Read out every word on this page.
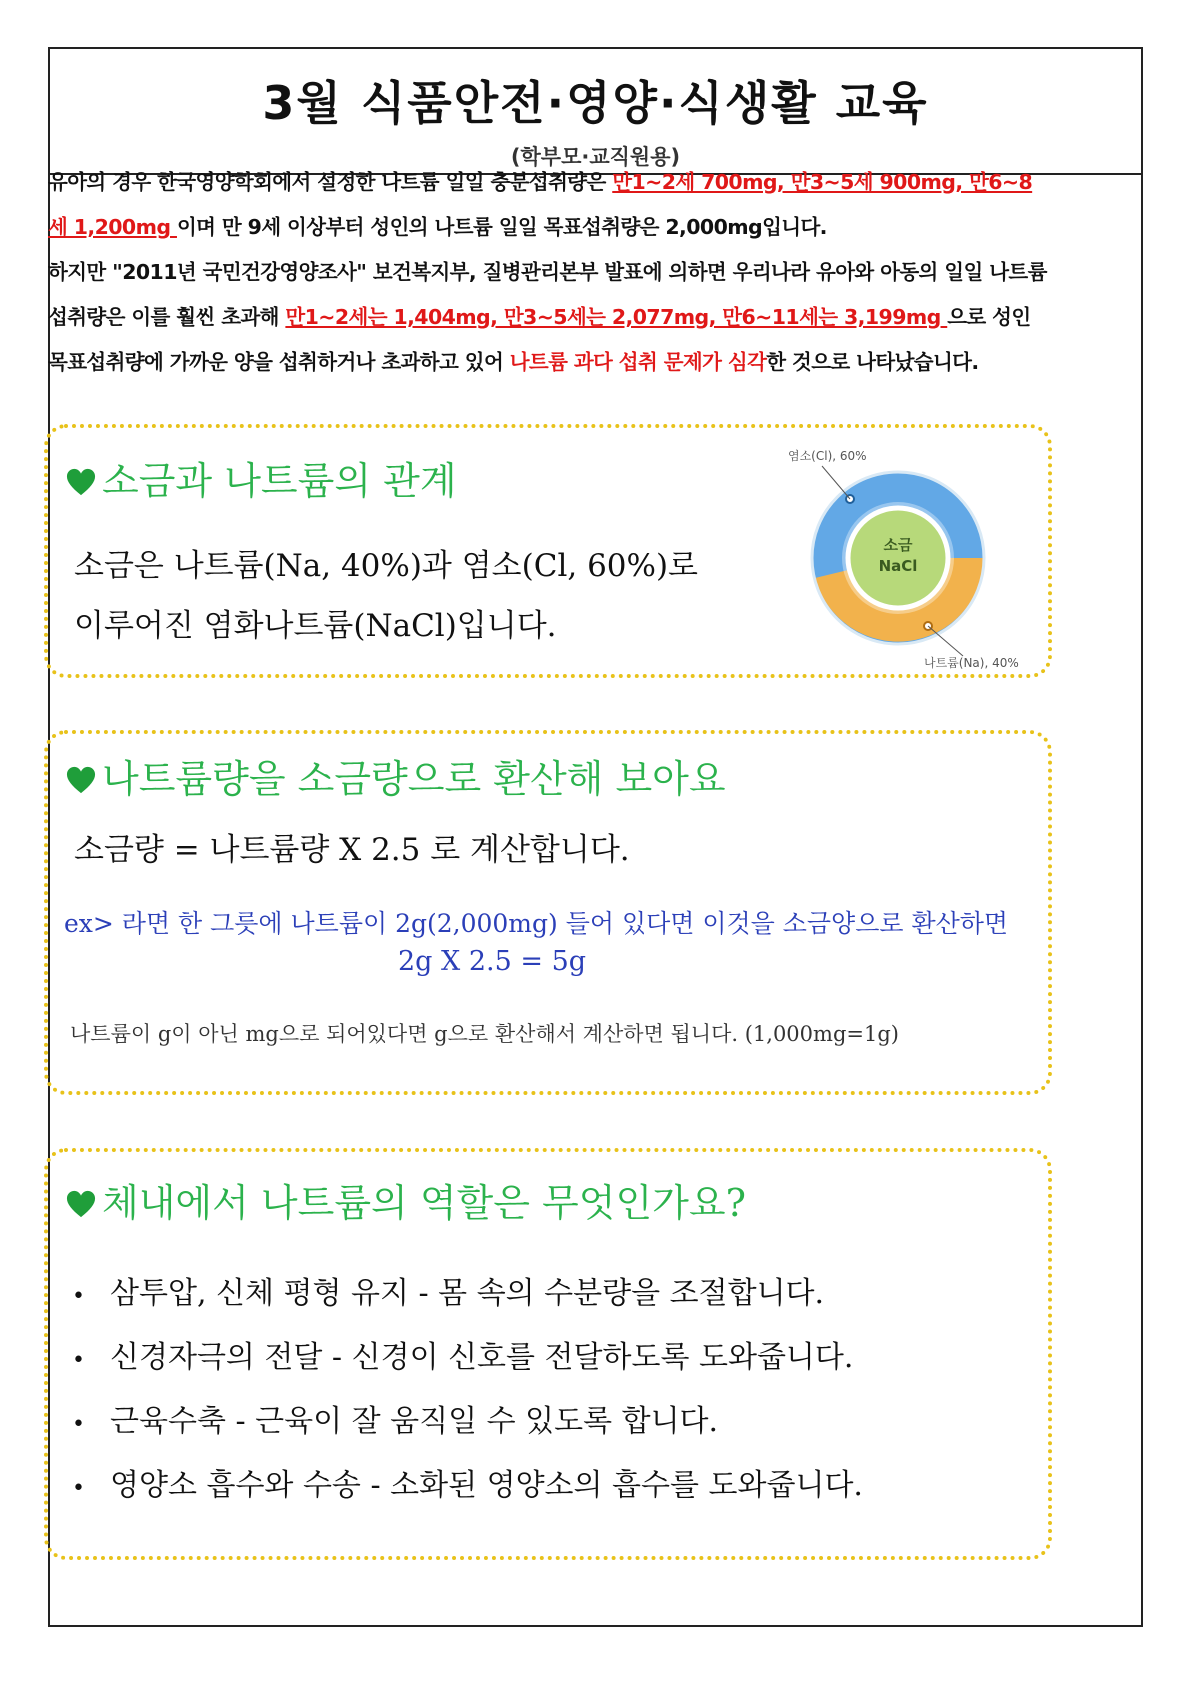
3월 식품안전·영양·식생활 교육
(학부모·교직원용)

유아의 경우 한국영양학회에서 설정한 나트륨 일일 충분섭취량은 만1~2세 700mg, 만3~5세 900mg, 만6~8세 1,200mg 이며 만 9세 이상부터 성인의 나트륨 일일 목표섭취량은 2,000mg입니다.

하지만 "2011년 국민건강영양조사" 보건복지부, 질병관리본부 발표에 의하면 우리나라 유아와 아동의 일일 나트륨 섭취량은 이를 훨씬 초과해 만1~2세는 1,404mg, 만3~5세는 2,077mg, 만6~11세는 3,199mg 으로 성인 목표섭취량에 가까운 양을 섭취하거나 초과하고 있어 나트륨 과다 섭취 문제가 심각한 것으로 나타났습니다.

소금과 나트륨의 관계
소금은 나트륨(Na, 40%)과 염소(Cl, 60%)로
이루어진 염화나트륨(NaCl)입니다.
소금
NaCl
염소(Cl), 60%
나트륨(Na), 40%
나트륨량을 소금량으로 환산해 보아요
소금량 = 나트륨량 X 2.5 로 계산합니다.
ex> 라면 한 그릇에 나트륨이 2g(2,000mg) 들어 있다면 이것을 소금양으로 환산하면
2g X 2.5 = 5g
나트륨이 g이 아닌 mg으로 되어있다면 g으로 환산해서 계산하면 됩니다. (1,000mg=1g)
체내에서 나트륨의 역할은 무엇인가요?
• 삼투압, 신체 평형 유지 - 몸 속의 수분량을 조절합니다.
• 신경자극의 전달 - 신경이 신호를 전달하도록 도와줍니다.
• 근육수축 - 근육이 잘 움직일 수 있도록 합니다.
• 영양소 흡수와 수송 - 소화된 영양소의 흡수를 도와줍니다.
